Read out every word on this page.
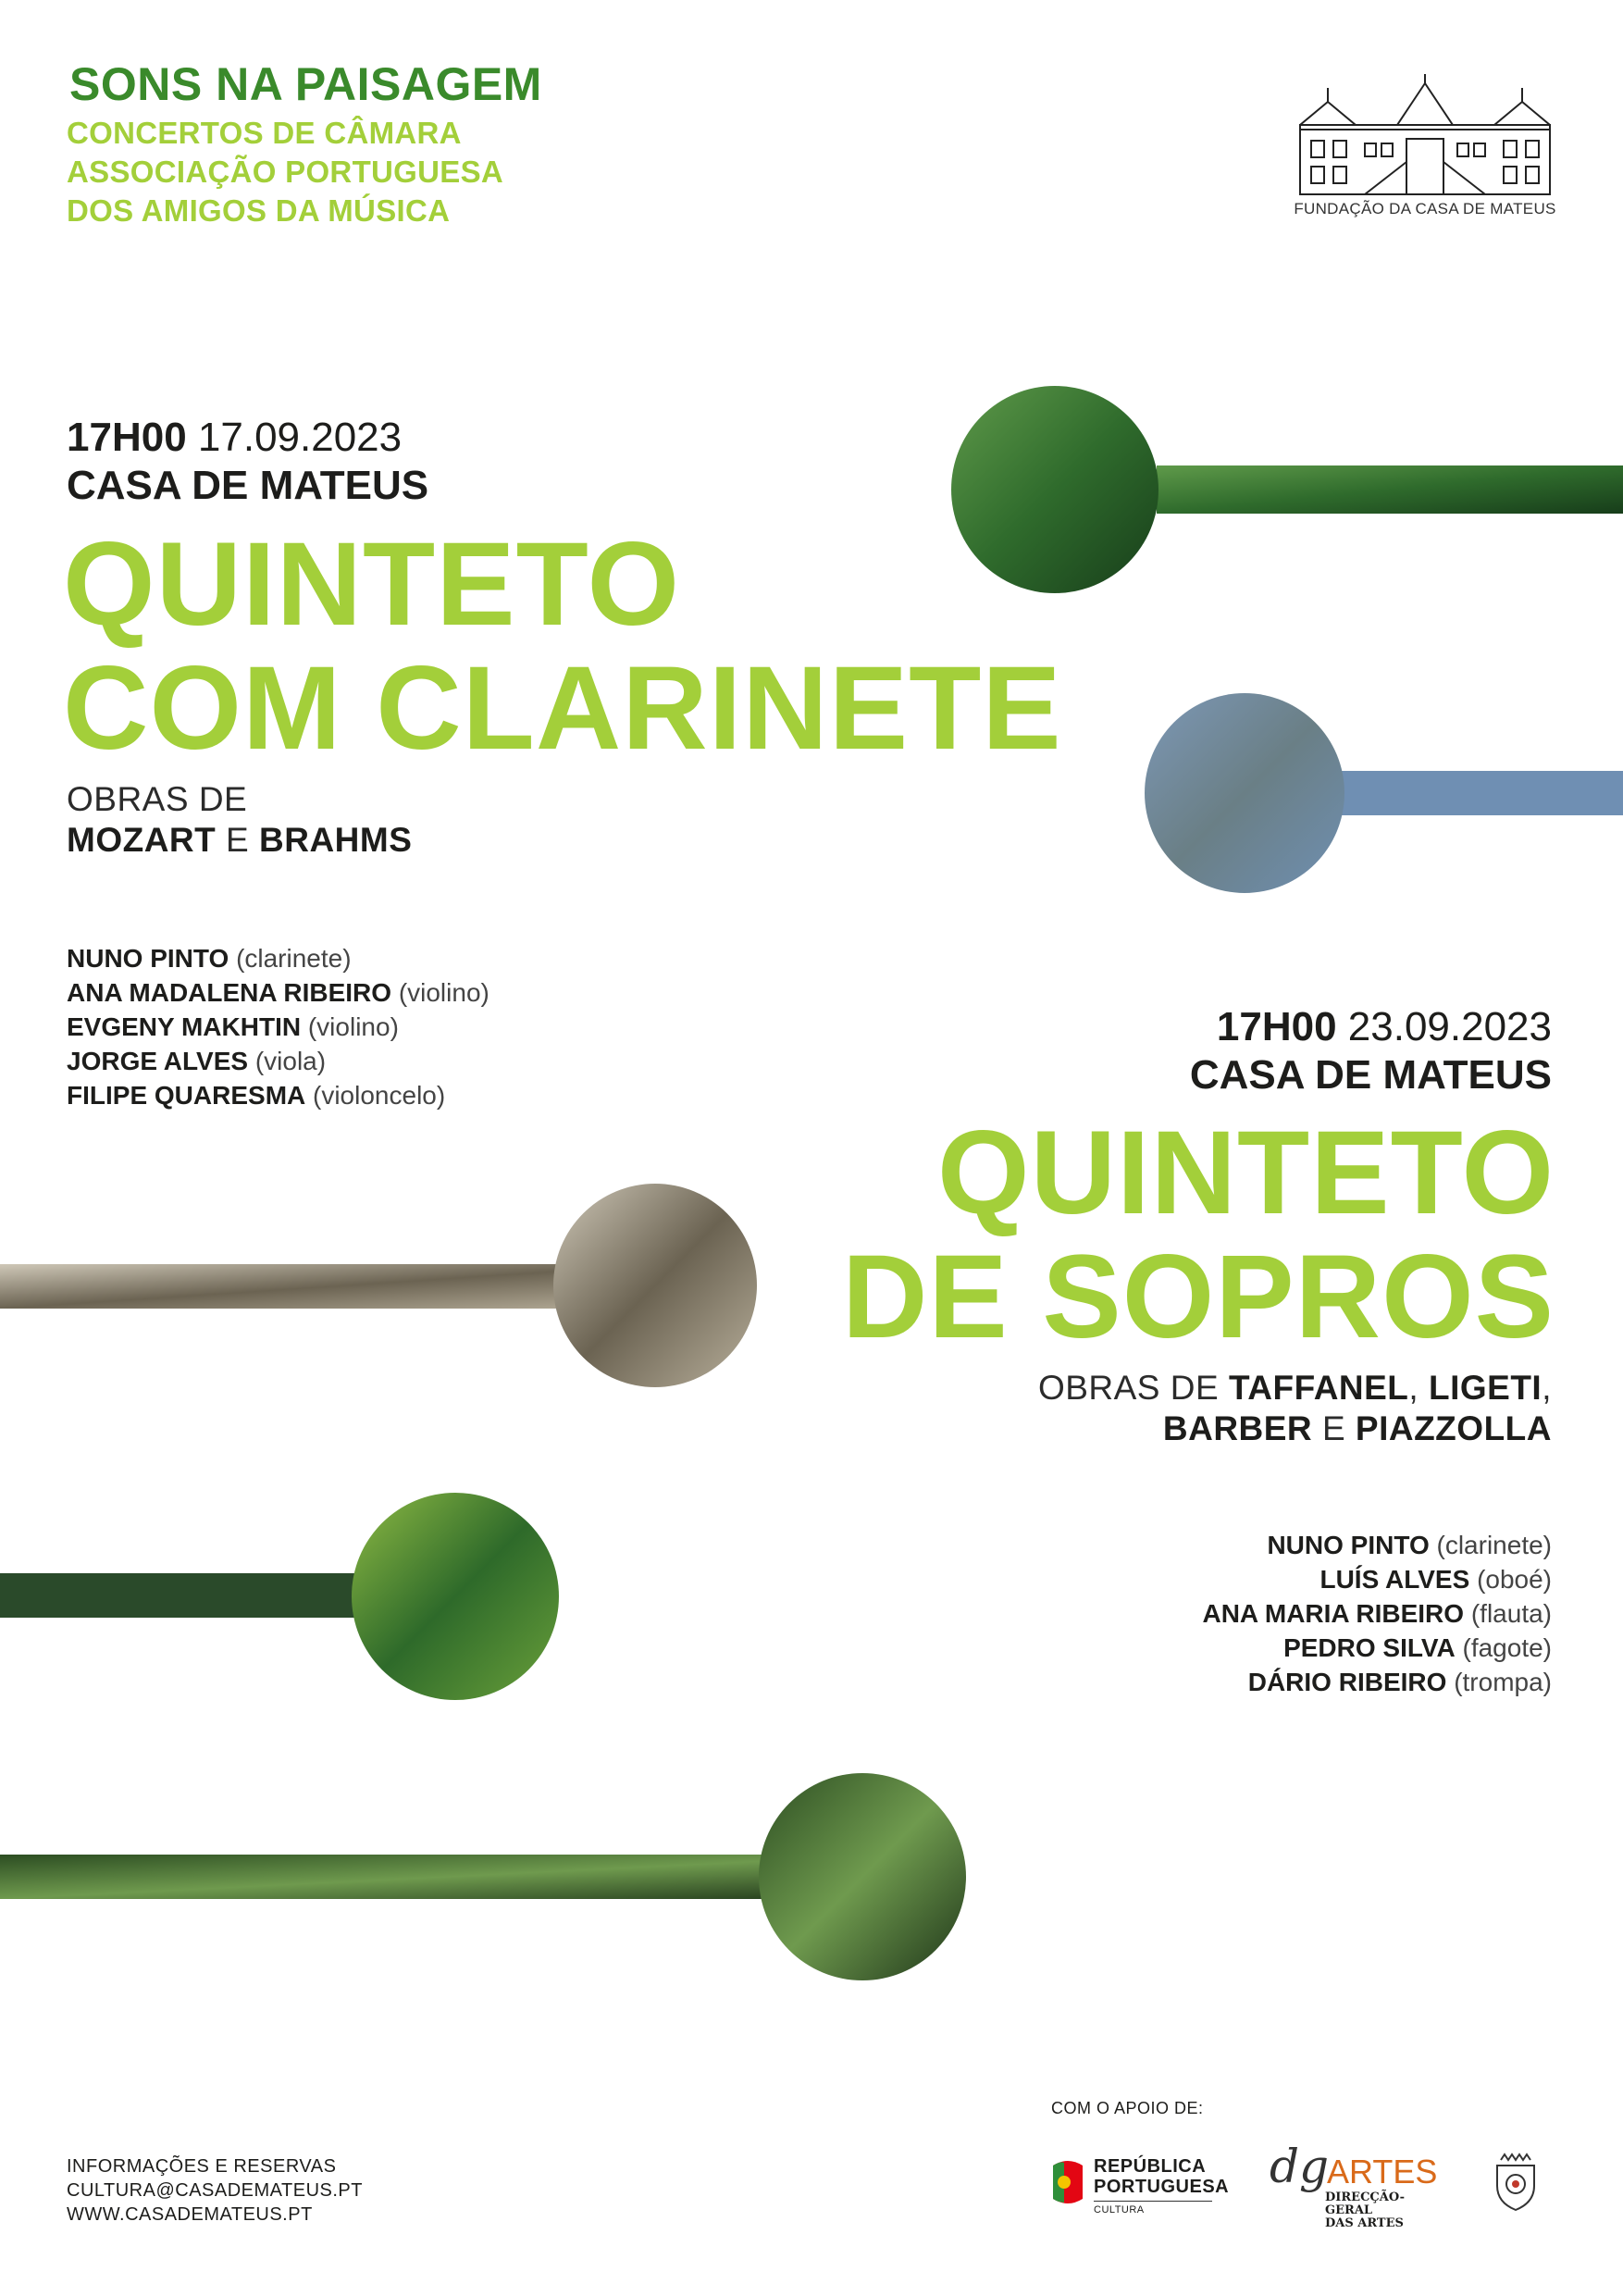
SONS NA PAISAGEM
CONCERTOS DE CÂMARA
ASSOCIAÇÃO PORTUGUESA
DOS AMIGOS DA MÚSICA	FUNDAÇÃO DA CASA DE MATEUS
17H00 17.09.2023
CASA DE MATEUS
QUINTETO
COM CLARINETE
OBRAS DE
MOZART E BRAHMS
NUNO PINTO (clarinete)
ANA MADALENA RIBEIRO (violino)
EVGENY MAKHTIN (violino)
JORGE ALVES (viola)
FILIPE QUARESMA (violoncelo)
17H00 23.09.2023
CASA DE MATEUS
QUINTETO
DE SOPROS
OBRAS DE TAFFANEL, LIGETI,
BARBER E PIAZZOLLA
NUNO PINTO (clarinete)
LUÍS ALVES (oboé)
ANA MARIA RIBEIRO (flauta)
PEDRO SILVA (fagote)
DÁRIO RIBEIRO (trompa)
INFORMAÇÕES E RESERVAS
CULTURA@CASADEMATEUS.PT
WWW.CASADEMATEUS.PT
COM O APOIO DE:
REPÚBLICA
PORTUGUESA
CULTURA
dg
ARTES
DIRECÇÃO-GERAL
DAS ARTES
